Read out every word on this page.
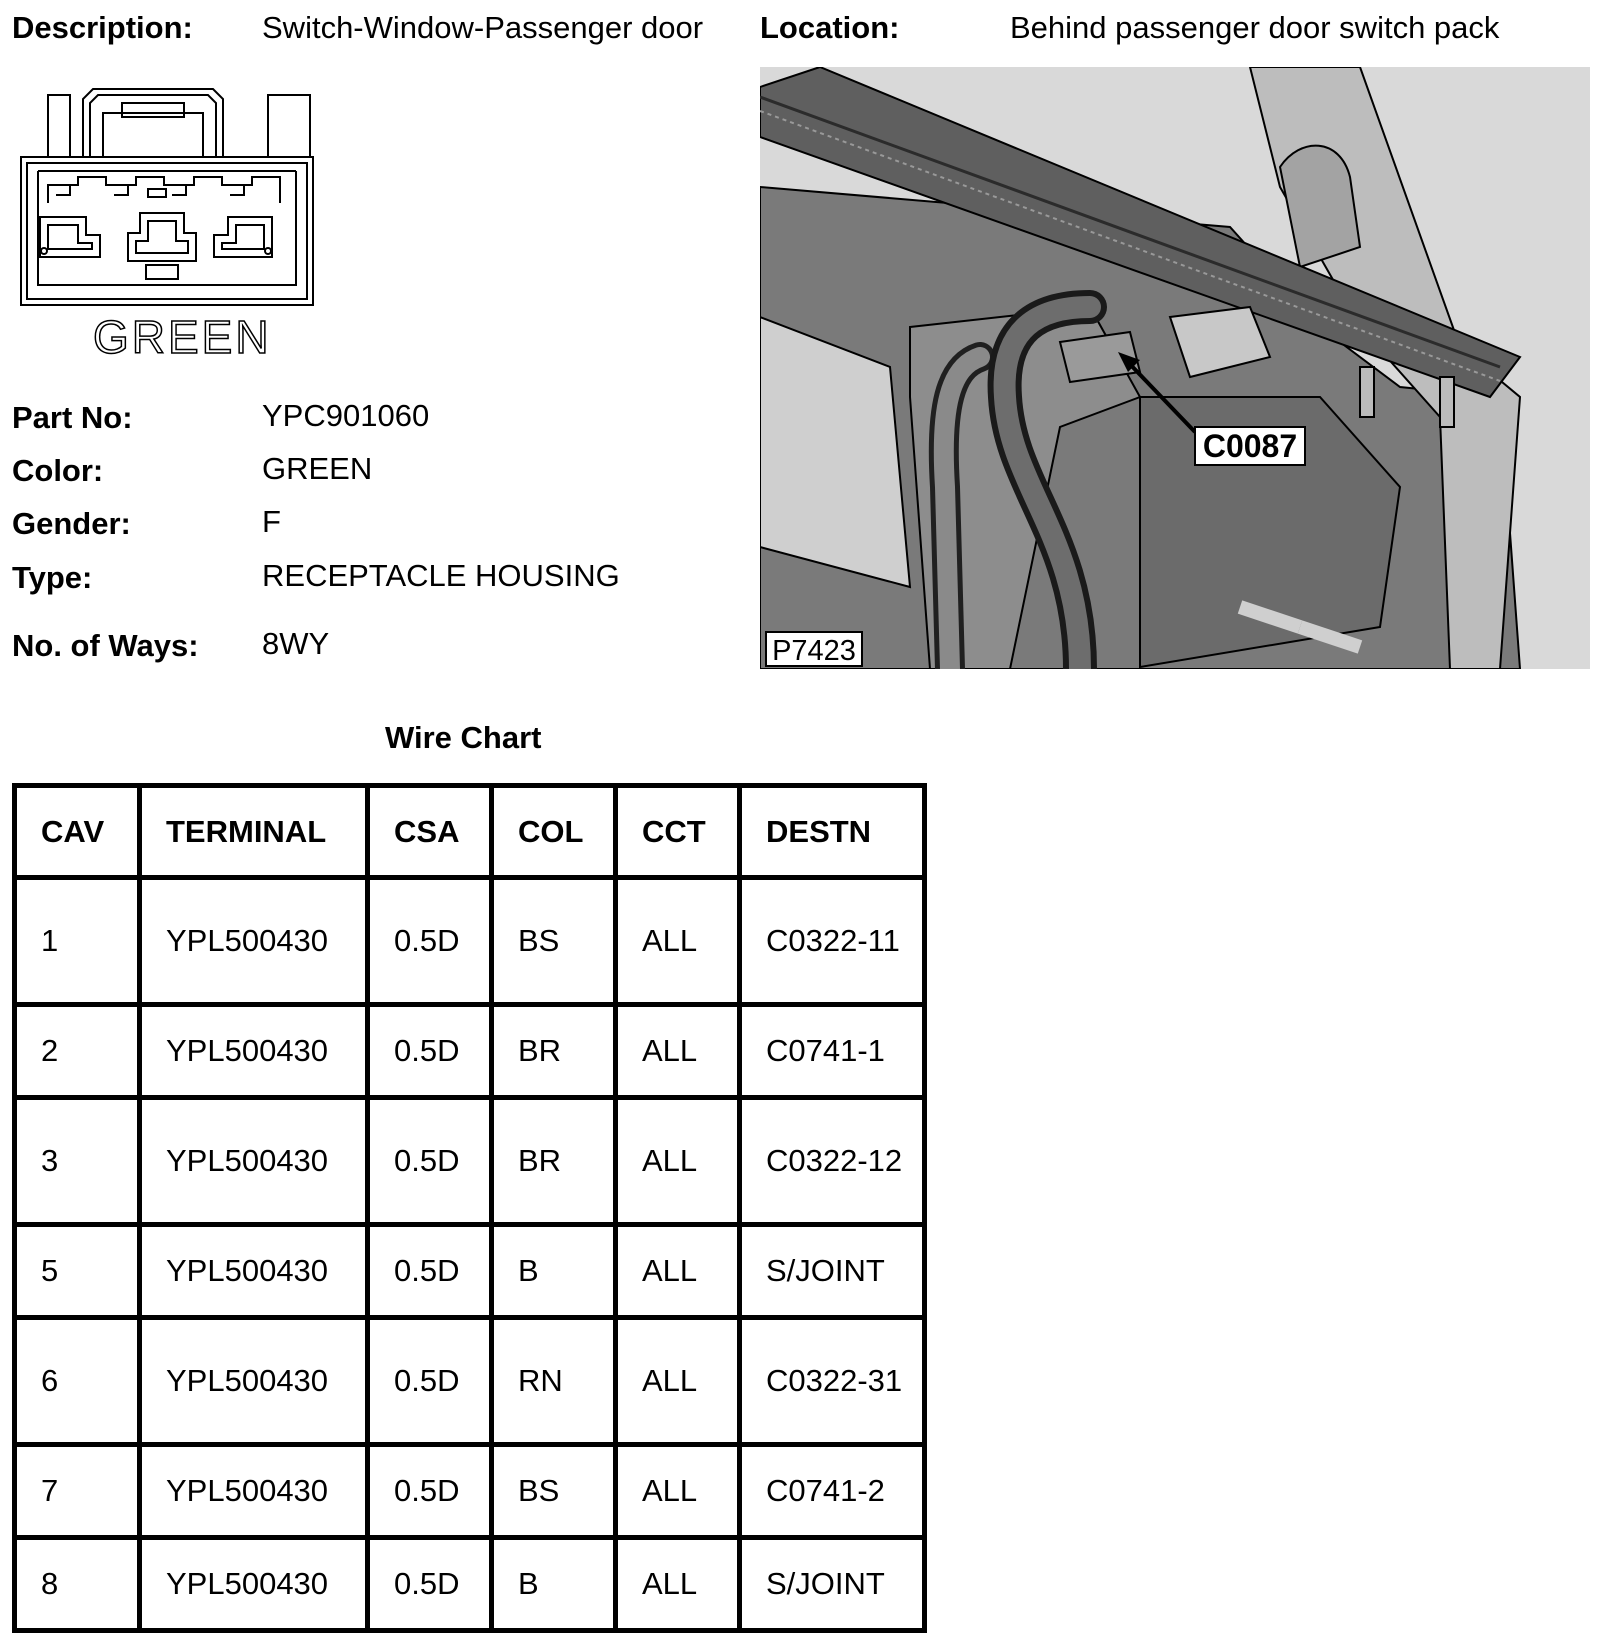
Description: Switch-Window-Passenger door Location:	Behind passenger door switch pack
GREEN
Part No:	YPC901060
Color:	GREEN
Gender:	F
Type:	RECEPTACLE HOUSING
No. of Ways: 8WY
C0087
P7423
Wire Chart
CAV	TERMINAL	CSA	COL	CCT	DESTN
1	YPL500430	0.5D	BS	ALL	C0322-11
2	YPL500430	0.5D	BR	ALL	C0741-1
3	YPL500430	0.5D	BR	ALL	C0322-12
5	YPL500430	0.5D	B	ALL	S/JOINT
6	YPL500430	0.5D	RN	ALL	C0322-31
7	YPL500430	0.5D	BS	ALL	C0741-2
8	YPL500430	0.5D	B	ALL	S/JOINT
